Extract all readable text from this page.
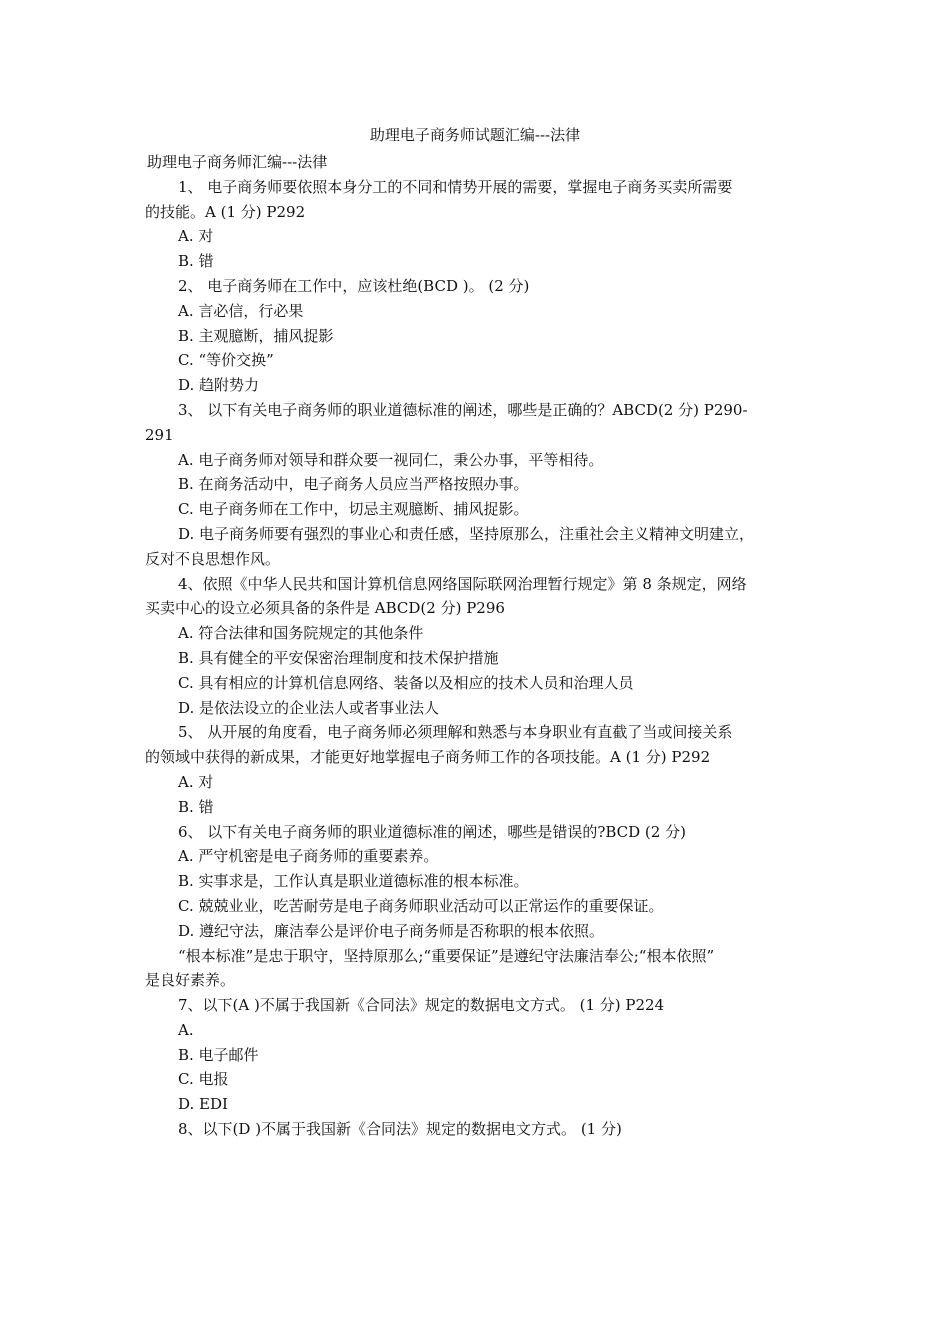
助理电子商务师试题汇编---法律
助理电子商务师汇编---法律
1、 电子商务师要依照本身分工的不同和情势开展的需要，掌握电子商务买卖所需要
的技能。A (1 分) P292
A. 对
B. 错
2、 电子商务师在工作中，应该杜绝(BCD )。 (2 分)
A. 言必信，行必果
B. 主观臆断，捕风捉影
C. “等价交换”
D. 趋附势力
3、 以下有关电子商务师的职业道德标准的阐述，哪些是正确的？ABCD(2 分) P290-
291
A. 电子商务师对领导和群众要一视同仁，秉公办事，平等相待。
B. 在商务活动中，电子商务人员应当严格按照办事。
C. 电子商务师在工作中，切忌主观臆断、捕风捉影。
D. 电子商务师要有强烈的事业心和责任感，坚持原那么，注重社会主义精神文明建立，
反对不良思想作风。
4、依照《中华人民共和国计算机信息网络国际联网治理暂行规定》第 8 条规定，网络
买卖中心的设立必须具备的条件是 ABCD(2 分) P296
A. 符合法律和国务院规定的其他条件
B. 具有健全的平安保密治理制度和技术保护措施
C. 具有相应的计算机信息网络、装备以及相应的技术人员和治理人员
D. 是依法设立的企业法人或者事业法人
5、 从开展的角度看，电子商务师必须理解和熟悉与本身职业有直截了当或间接关系
的领域中获得的新成果，才能更好地掌握电子商务师工作的各项技能。A (1 分) P292
A. 对
B. 错
6、 以下有关电子商务师的职业道德标准的阐述，哪些是错误的?BCD (2 分)
A. 严守机密是电子商务师的重要素养。
B. 实事求是，工作认真是职业道德标准的根本标准。
C. 兢兢业业，吃苦耐劳是电子商务师职业活动可以正常运作的重要保证。
D. 遵纪守法，廉洁奉公是评价电子商务师是否称职的根本依照。
“根本标准”是忠于职守，坚持原那么;“重要保证”是遵纪守法廉洁奉公;“根本依照”
是良好素养。
7、以下(A )不属于我国新《合同法》规定的数据电文方式。 (1 分) P224
A.
B. 电子邮件
C. 电报
D. EDI
8、以下(D )不属于我国新《合同法》规定的数据电文方式。 (1 分)
